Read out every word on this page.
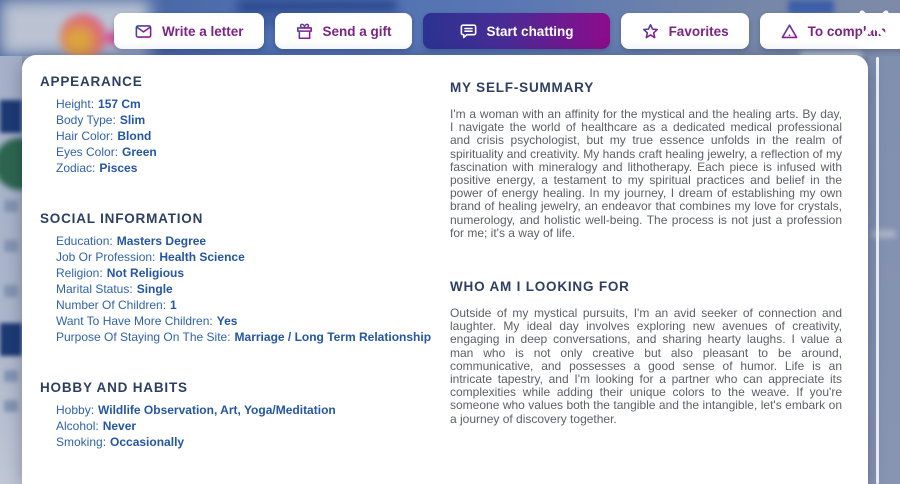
Write a letter	Send a gift	Start chatting	Favorites	To complain
APPEARANCE
Height: 157 Cm
Body Type: Slim
Hair Color: Blond
Eyes Color: Green
Zodiac: Pisces
SOCIAL INFORMATION
Education: Masters Degree
Job Or Profession: Health Science
Religion: Not Religious
Marital Status: Single
Number Of Children: 1
Want To Have More Children: Yes
Purpose Of Staying On The Site: Marriage / Long Term Relationship
HOBBY AND HABITS
Hobby: Wildlife Observation, Art, Yoga/Meditation
Alcohol: Never
Smoking: Occasionally
MY SELF-SUMMARY
I'm a woman with an affinity for the mystical and the healing arts. By day, I navigate the world of healthcare as a dedicated medical professional and crisis psychologist, but my true essence unfolds in the realm of spirituality and creativity. My hands craft healing jewelry, a reflection of my fascination with mineralogy and lithotherapy. Each piece is infused with positive energy, a testament to my spiritual practices and belief in the power of energy healing. In my journey, I dream of establishing my own brand of healing jewelry, an endeavor that combines my love for crystals, numerology, and holistic well-being. The process is not just a profession for me; it's a way of life.
WHO AM I LOOKING FOR
Outside of my mystical pursuits, I'm an avid seeker of connection and laughter. My ideal day involves exploring new avenues of creativity, engaging in deep conversations, and sharing hearty laughs. I value a man who is not only creative but also pleasant to be around, communicative, and possesses a good sense of humor. Life is an intricate tapestry, and I'm looking for a partner who can appreciate its complexities while adding their unique colors to the weave. If you're someone who values both the tangible and the intangible, let's embark on a journey of discovery together.
